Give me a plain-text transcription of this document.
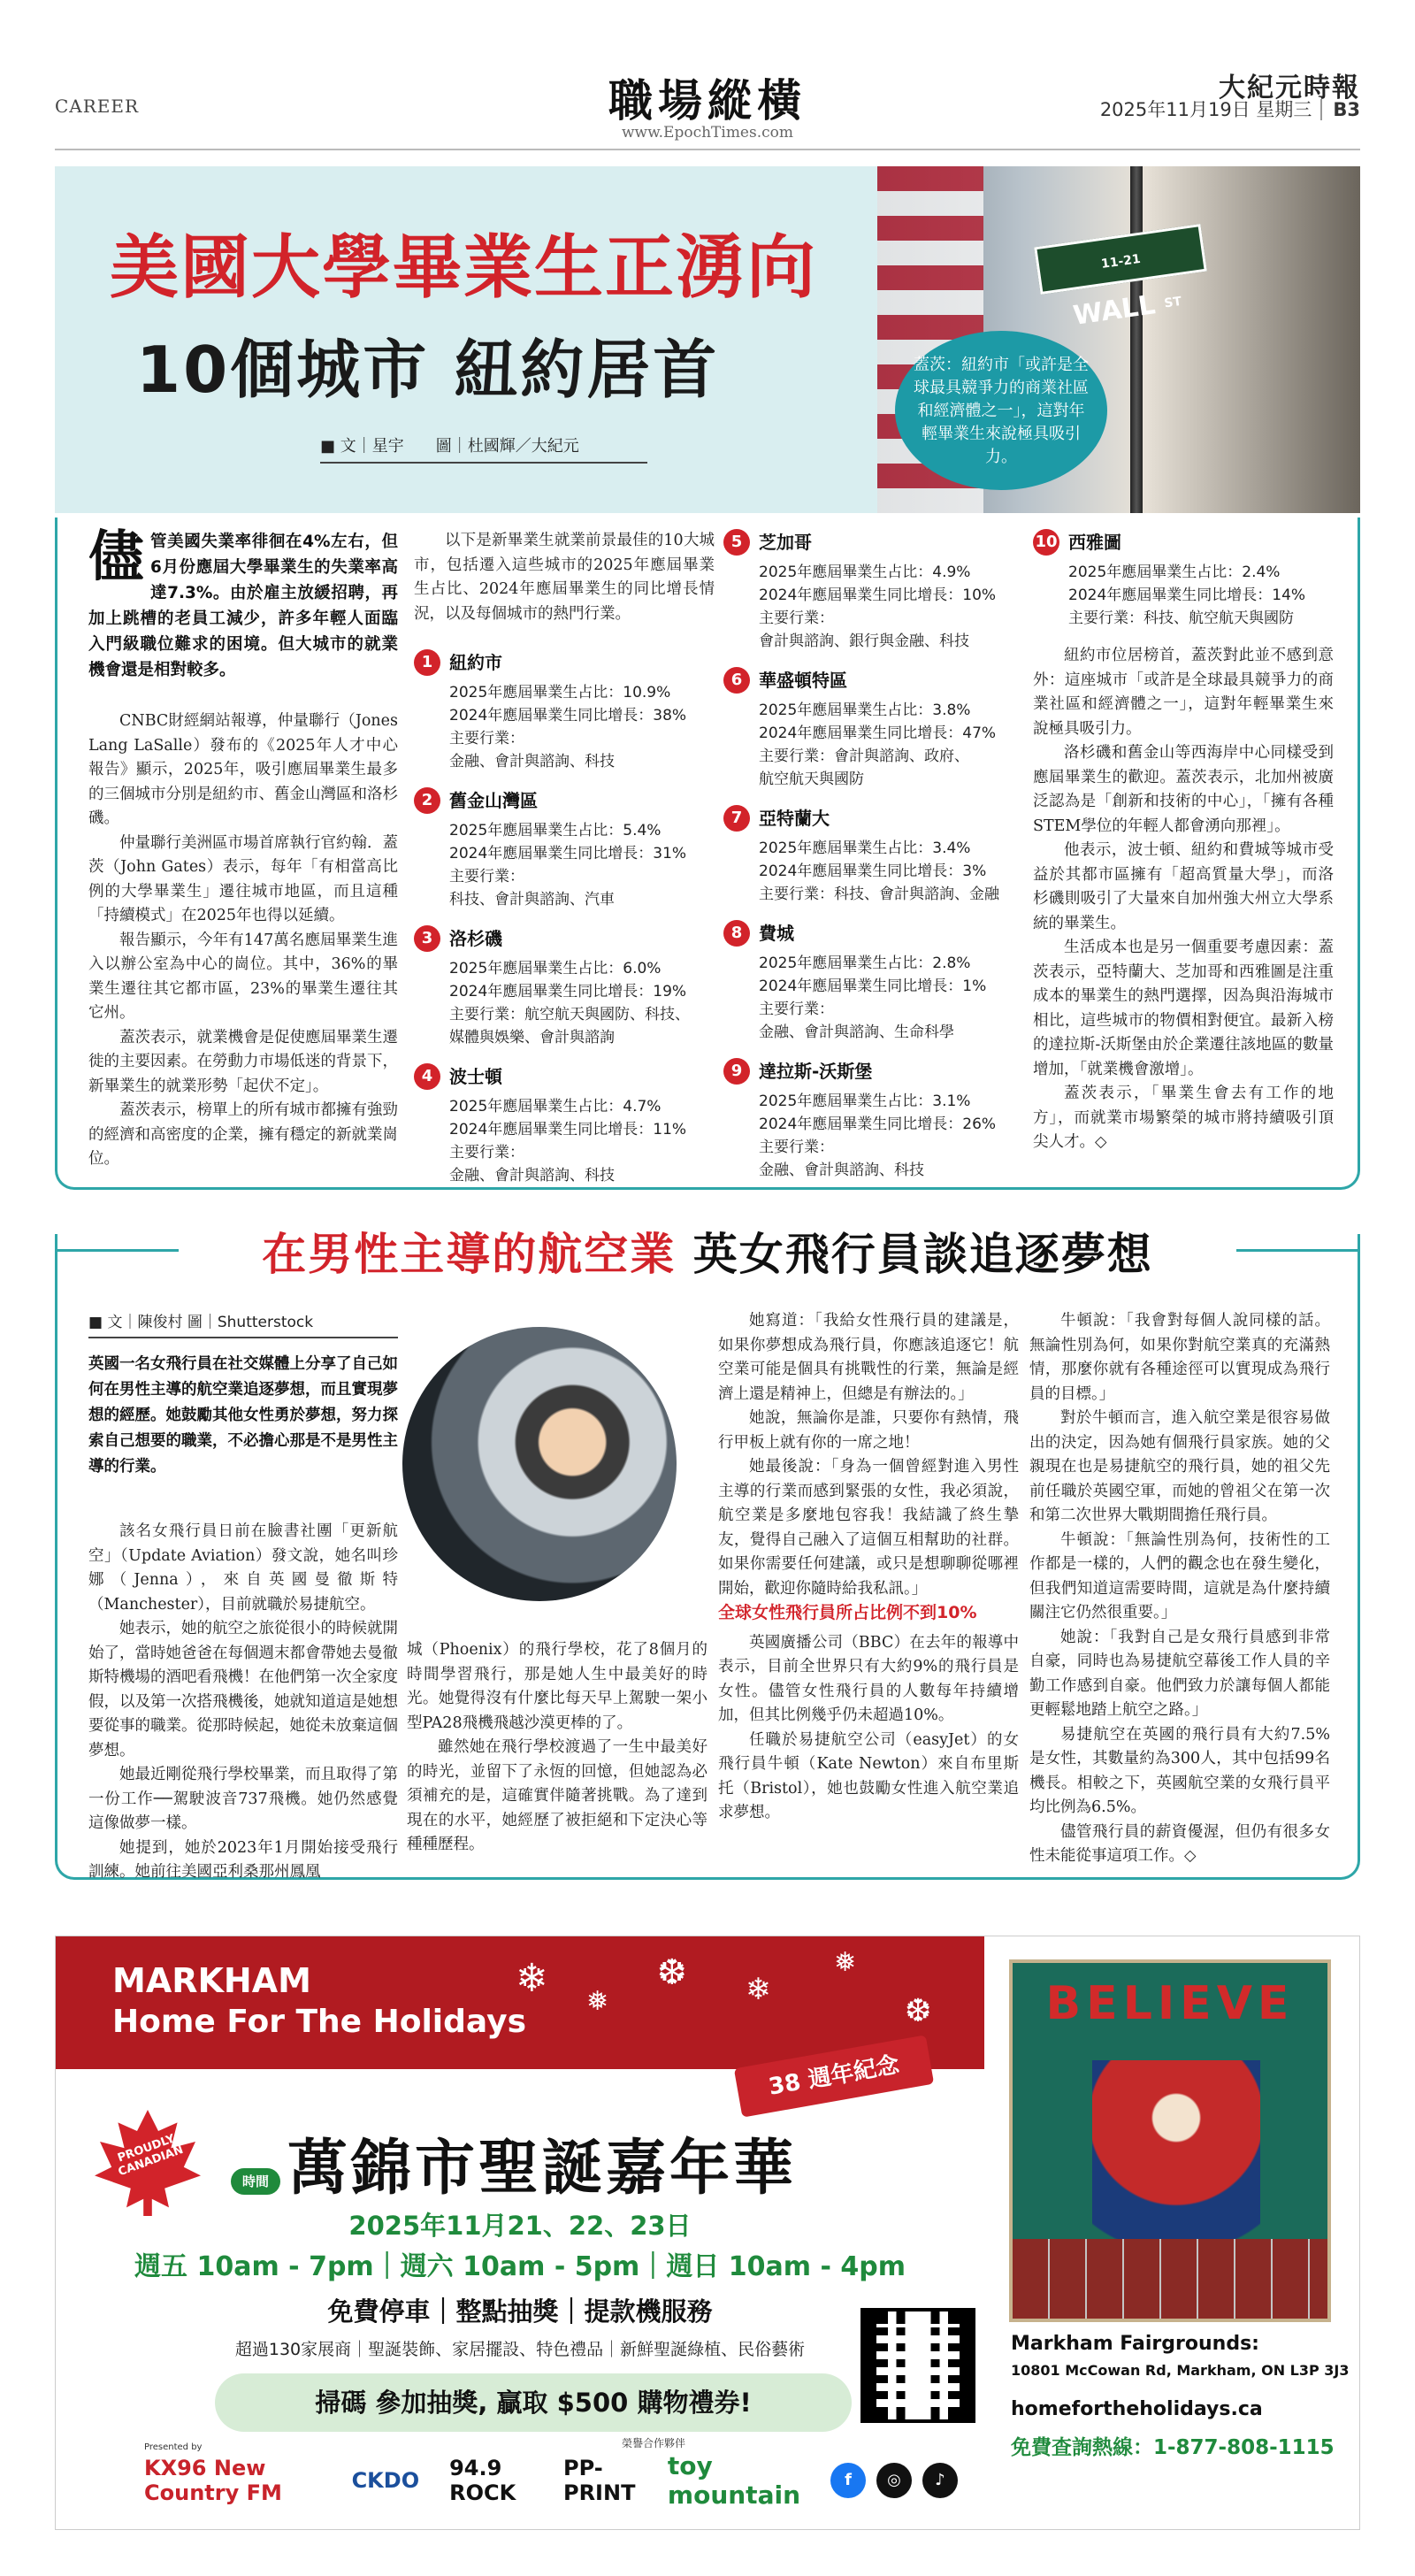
CAREER	職場縱橫
www.EpochTimes.com
大紀元時報
2025年11月19日 星期三 B3
美國大學畢業生正湧向
10個城市 紐約居首
■ 文｜星宇　　圖｜杜國輝／大紀元
$^{11-21}$
WALL $^{ST}$
蓋茨：紐約市「或許是全球最具競爭力的商業社區和經濟體之一」，這對年輕畢業生來說極具吸引力。
儘管美國失業率徘徊在4%左右，但6月份應屆大學畢業生的失業率高達7.3%。由於雇主放緩招聘，再加上跳槽的老員工減少，許多年輕人面臨入門級職位難求的困境。但大城市的就業機會還是相對較多。

CNBC財經網站報導，仲量聯行（Jones Lang LaSalle）發布的《2025年人才中心報告》顯示，2025年，吸引應屆畢業生最多的三個城市分別是紐約市、舊金山灣區和洛杉磯。

仲量聯行美洲區市場首席執行官約翰．蓋茨（John Gates）表示，每年「有相當高比例的大學畢業生」遷往城市地區，而且這種「持續模式」在2025年也得以延續。

報告顯示，今年有147萬名應屆畢業生進入以辦公室為中心的崗位。其中，36%的畢業生遷往其它都市區，23%的畢業生遷往其它州。

蓋茨表示，就業機會是促使應屆畢業生遷徙的主要因素。在勞動力市場低迷的背景下，新畢業生的就業形勢「起伏不定」。

蓋茨表示，榜單上的所有城市都擁有強勁的經濟和高密度的企業，擁有穩定的新就業崗位。

以下是新畢業生就業前景最佳的10大城市，包括遷入這些城市的2025年應屆畢業生占比、2024年應屆畢業生的同比增長情況，以及每個城市的熱門行業。

1 紐約市
2025年應屆畢業生占比：10.9%
2024年應屆畢業生同比增長：38%
主要行業：
金融、會計與諮詢、科技
2 舊金山灣區
2025年應屆畢業生占比：5.4%
2024年應屆畢業生同比增長：31%
主要行業：
科技、會計與諮詢、汽車
3 洛杉磯
2025年應屆畢業生占比：6.0%
2024年應屆畢業生同比增長：19%
主要行業：航空航天與國防、科技、
媒體與娛樂、會計與諮詢
4 波士頓
2025年應屆畢業生占比：4.7%
2024年應屆畢業生同比增長：11%
主要行業：
金融、會計與諮詢、科技
5 芝加哥
2025年應屆畢業生占比：4.9%
2024年應屆畢業生同比增長：10%
主要行業：
會計與諮詢、銀行與金融、科技
6 華盛頓特區
2025年應屆畢業生占比：3.8%
2024年應屆畢業生同比增長：47%
主要行業：會計與諮詢、政府、
航空航天與國防
7 亞特蘭大
2025年應屆畢業生占比：3.4%
2024年應屆畢業生同比增長：3%
主要行業：科技、會計與諮詢、金融
8 費城
2025年應屆畢業生占比：2.8%
2024年應屆畢業生同比增長：1%
主要行業：
金融、會計與諮詢、生命科學
9 達拉斯-沃斯堡
2025年應屆畢業生占比：3.1%
2024年應屆畢業生同比增長：26%
主要行業：
金融、會計與諮詢、科技
10 西雅圖
2025年應屆畢業生占比：2.4%
2024年應屆畢業生同比增長：14%
主要行業：科技、航空航天與國防

紐約市位居榜首，蓋茨對此並不感到意外：這座城市「或許是全球最具競爭力的商業社區和經濟體之一」，這對年輕畢業生來說極具吸引力。

洛杉磯和舊金山等西海岸中心同樣受到應屆畢業生的歡迎。蓋茨表示，北加州被廣泛認為是「創新和技術的中心」，「擁有各種STEM學位的年輕人都會湧向那裡」。

他表示，波士頓、紐約和費城等城市受益於其都市區擁有「超高質量大學」，而洛杉磯則吸引了大量來自加州強大州立大學系統的畢業生。

生活成本也是另一個重要考慮因素：蓋茨表示，亞特蘭大、芝加哥和西雅圖是注重成本的畢業生的熱門選擇，因為與沿海城市相比，這些城市的物價相對便宜。最新入榜的達拉斯-沃斯堡由於企業遷往該地區的數量增加，「就業機會激增」。

蓋茨表示，「畢業生會去有工作的地方」，而就業市場繁榮的城市將持續吸引頂尖人才。◇

在男性主導的航空業 英女飛行員談追逐夢想
■ 文｜陳俊村 圖｜Shutterstock
英國一名女飛行員在社交媒體上分享了自己如何在男性主導的航空業追逐夢想，而且實現夢想的經歷。她鼓勵其他女性勇於夢想，努力探索自己想要的職業，不必擔心那是不是男性主導的行業。

該名女飛行員日前在臉書社團「更新航空」（Update Aviation）發文說，她名叫珍娜（Jenna），來自英國曼徹斯特（Manchester），目前就職於易捷航空。

她表示，她的航空之旅從很小的時候就開始了，當時她爸爸在每個週末都會帶她去曼徹斯特機場的酒吧看飛機！在他們第一次全家度假，以及第一次搭飛機後，她就知道這是她想要從事的職業。從那時候起，她從未放棄這個夢想。

她最近剛從飛行學校畢業，而且取得了第一份工作──駕駛波音737飛機。她仍然感覺這像做夢一樣。

她提到，她於2023年1月開始接受飛行訓練。她前往美國亞利桑那州鳳凰

城（Phoenix）的飛行學校，花了8個月的時間學習飛行，那是她人生中最美好的時光。她覺得沒有什麼比每天早上駕駛一架小型PA28飛機飛越沙漠更棒的了。

雖然她在飛行學校渡過了一生中最美好的時光，並留下了永恆的回憶，但她認為必須補充的是，這確實伴隨著挑戰。為了達到現在的水平，她經歷了被拒絕和下定決心等種種歷程。

她寫道：「我給女性飛行員的建議是，如果你夢想成為飛行員，你應該追逐它！航空業可能是個具有挑戰性的行業，無論是經濟上還是精神上，但總是有辦法的。」

她說，無論你是誰，只要你有熱情，飛行甲板上就有你的一席之地！

她最後說：「身為一個曾經對進入男性主導的行業而感到緊張的女性，我必須說，航空業是多麼地包容我！我結識了終生摯友，覺得自己融入了這個互相幫助的社群。如果你需要任何建議，或只是想聊聊從哪裡開始，歡迎你隨時給我私訊。」

全球女性飛行員所占比例不到10%

英國廣播公司（BBC）在去年的報導中表示，目前全世界只有大約9%的飛行員是女性。儘管女性飛行員的人數每年持續增加，但其比例幾乎仍未超過10%。

任職於易捷航空公司（easyJet）的女飛行員牛頓（Kate Newton）來自布里斯托（Bristol），她也鼓勵女性進入航空業追求夢想。

牛頓說：「我會對每個人說同樣的話。無論性別為何，如果你對航空業真的充滿熱情，那麼你就有各種途徑可以實現成為飛行員的目標。」

對於牛頓而言，進入航空業是很容易做出的決定，因為她有個飛行員家族。她的父親現在也是易捷航空的飛行員，她的祖父先前任職於英國空軍，而她的曾祖父在第一次和第二次世界大戰期間擔任飛行員。

牛頓說：「無論性別為何，技術性的工作都是一樣的，人們的觀念也在發生變化，但我們知道這需要時間，這就是為什麼持續關注它仍然很重要。」

她說：「我對自己是女飛行員感到非常自豪，同時也為易捷航空幕後工作人員的辛勤工作感到自豪。他們致力於讓每個人都能更輕鬆地踏上航空之路。」

易捷航空在英國的飛行員有大約7.5%是女性，其數量約為300人，其中包括99名機長。相較之下，英國航空業的女飛行員平均比例為6.5%。

儘管飛行員的薪資優渥，但仍有很多女性未能從事這項工作。◇

MARKHAM
Home For The Holidays
❄
❅
❆ ❄
❅
❆
38 週年紀念
PROUDLY CANADIAN
時間 萬錦市聖誕嘉年華
2025年11月21、22、23日
週五 10am - 7pm｜週六 10am - 5pm｜週日 10am - 4pm
免費停車｜整點抽獎｜提款機服務
超過130家展商｜聖誕裝飾、家居擺設、特色禮品｜新鮮聖誕綠植、民俗藝術
掃碼 參加抽獎, 贏取 $500 購物禮券!
Presented by	榮譽合作夥伴
KX96 New Country FM	CKDO 94.9 ROCK
PP-PRINT
toy mountain
f	◎	♪
BELIEVE
Markham Fairgrounds:
10801 McCowan Rd, Markham, ON L3P 3J3
homefortheholidays.ca
免費查詢熱線：1-877-808-1115
